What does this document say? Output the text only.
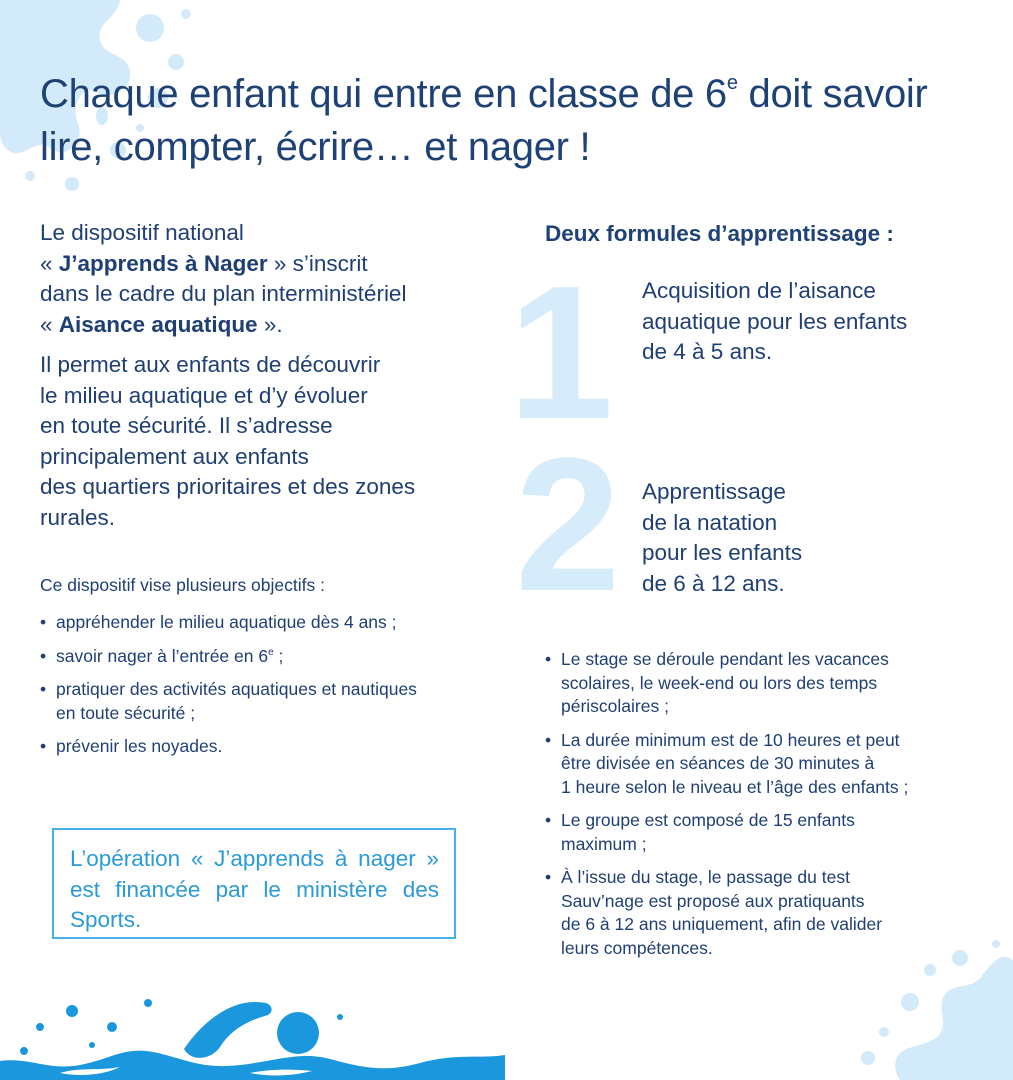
Chaque enfant qui entre en classe de 6e doit savoir
lire, compter, écrire… et nager !

Le dispositif national
« J’apprends à Nager » s’inscrit
dans le cadre du plan interministériel
« Aisance aquatique ».

Il permet aux enfants de découvrir
le milieu aquatique et d’y évoluer
en toute sécurité. Il s’adresse
principalement aux enfants
des quartiers prioritaires et des zones
rurales.

Ce dispositif vise plusieurs objectifs :

• appréhender le milieu aquatique dès 4 ans ;
• savoir nager à l’entrée en 6e ;
• pratiquer des activités aquatiques et nautiques
en toute sécurité ;
• prévenir les noyades.
L’opération « J’apprends à nager » est financée par le ministère des Sports.
Deux formules d’apprentissage :
1 Acquisition de l’aisance
aquatique pour les enfants
de 4 à 5 ans.

2 Apprentissage
de la natation
pour les enfants
de 6 à 12 ans.

• Le stage se déroule pendant les vacances
scolaires, le week-end ou lors des temps
périscolaires ;
• La durée minimum est de 10 heures et peut
être divisée en séances de 30 minutes à
1 heure selon le niveau et l’âge des enfants ;
• Le groupe est composé de 15 enfants
maximum ;
• À l’issue du stage, le passage du test
Sauv’nage est proposé aux pratiquants
de 6 à 12 ans uniquement, afin de valider
leurs compétences.
